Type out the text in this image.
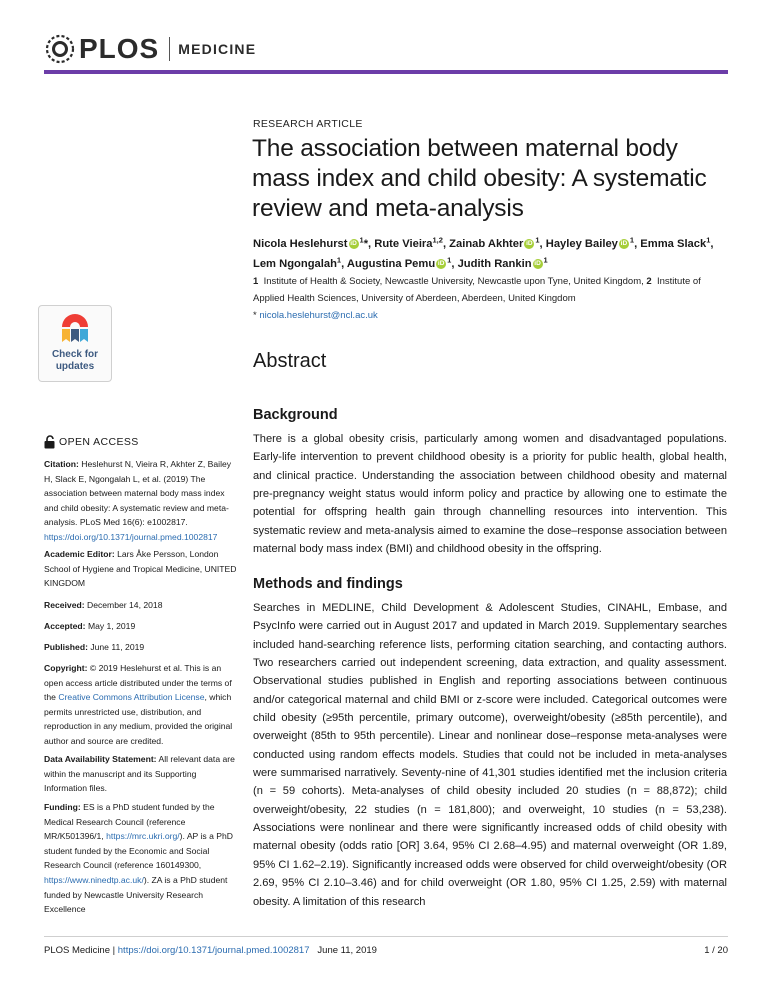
PLOS MEDICINE
RESEARCH ARTICLE
The association between maternal body mass index and child obesity: A systematic review and meta-analysis
Nicola Heslehurst iD $^1$*, Rute Vieira$^{1,2}$, Zainab Akhter iD $^1$, Hayley Bailey iD $^1$, Emma Slack$^1$, Lem Ngongalah$^1$, Augustina Pemu iD $^1$, Judith Rankin iD $^1$
1 Institute of Health & Society, Newcastle University, Newcastle upon Tyne, United Kingdom, 2 Institute of Applied Health Sciences, University of Aberdeen, Aberdeen, United Kingdom
* nicola.heslehurst@ncl.ac.uk
Abstract
Background

There is a global obesity crisis, particularly among women and disadvantaged populations. Early-life intervention to prevent childhood obesity is a priority for public health, global health, and clinical practice. Understanding the association between childhood obesity and maternal pre-pregnancy weight status would inform policy and practice by allowing one to estimate the potential for offspring health gain through channelling resources into intervention. This systematic review and meta-analysis aimed to examine the dose–response association between maternal body mass index (BMI) and childhood obesity in the offspring.

Methods and findings

Searches in MEDLINE, Child Development & Adolescent Studies, CINAHL, Embase, and PsycInfo were carried out in August 2017 and updated in March 2019. Supplementary searches included hand-searching reference lists, performing citation searching, and contacting authors. Two researchers carried out independent screening, data extraction, and quality assessment. Observational studies published in English and reporting associations between continuous and/or categorical maternal and child BMI or z-score were included. Categorical outcomes were child obesity (≥95th percentile, primary outcome), overweight/obesity (≥85th percentile), and overweight (85th to 95th percentile). Linear and nonlinear dose–response meta-analyses were conducted using random effects models. Studies that could not be included in meta-analyses were summarised narratively. Seventy-nine of 41,301 studies identified met the inclusion criteria (n = 59 cohorts). Meta-analyses of child obesity included 20 studies (n = 88,872); child overweight/obesity, 22 studies (n = 181,800); and overweight, 10 studies (n = 53,238). Associations were nonlinear and there were significantly increased odds of child obesity with maternal obesity (odds ratio [OR] 3.64, 95% CI 2.68–4.95) and maternal overweight (OR 1.89, 95% CI 1.62–2.19). Significantly increased odds were observed for child overweight/obesity (OR 2.69, 95% CI 2.10–3.46) and for child overweight (OR 1.80, 95% CI 1.25, 2.59) with maternal obesity. A limitation of this research

Check for
updates
OPEN ACCESS
Citation: Heslehurst N, Vieira R, Akhter Z, Bailey H, Slack E, Ngongalah L, et al. (2019) The association between maternal body mass index and child obesity: A systematic review and meta-analysis. PLoS Med 16(6): e1002817. https://doi.org/10.1371/journal.pmed.1002817
Academic Editor: Lars Åke Persson, London School of Hygiene and Tropical Medicine, UNITED KINGDOM
Received: December 14, 2018
Accepted: May 1, 2019
Published: June 11, 2019
Copyright: © 2019 Heslehurst et al. This is an open access article distributed under the terms of the Creative Commons Attribution License, which permits unrestricted use, distribution, and reproduction in any medium, provided the original author and source are credited.
Data Availability Statement: All relevant data are within the manuscript and its Supporting Information files.
Funding: ES is a PhD student funded by the Medical Research Council (reference MR/K501396/1, https://mrc.ukri.org/). AP is a PhD student funded by the Economic and Social Research Council (reference 160149300, https://www.ninedtp.ac.uk/). ZA is a PhD student funded by Newcastle University Research Excellence
PLOS Medicine | https://doi.org/10.1371/journal.pmed.1002817 June 11, 2019	1 / 20
